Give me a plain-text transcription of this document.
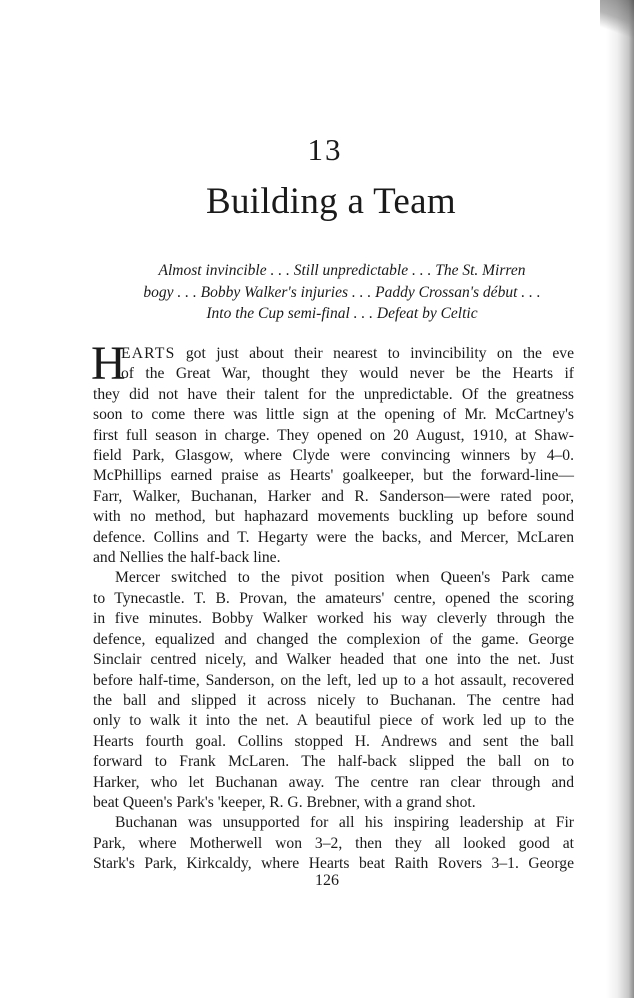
13
Building a Team
Almost invincible . . . Still unpredictable . . . The St. Mirren
bogy . . . Bobby Walker's injuries . . . Paddy Crossan's début . . .
Into the Cup semi-final . . . Defeat by Celtic
H
EARTS got just about their nearest to invincibility on the eve
of the Great War, thought they would never be the Hearts if
they did not have their talent for the unpredictable. Of the greatness
soon to come there was little sign at the opening of Mr. McCartney's
first full season in charge. They opened on 20 August, 1910, at Shaw-
field Park, Glasgow, where Clyde were convincing winners by 4–0.
McPhillips earned praise as Hearts' goalkeeper, but the forward-line—
Farr, Walker, Buchanan, Harker and R. Sanderson—were rated poor,
with no method, but haphazard movements buckling up before sound
defence. Collins and T. Hegarty were the backs, and Mercer, McLaren
and Nellies the half-back line.
Mercer switched to the pivot position when Queen's Park came
to Tynecastle. T. B. Provan, the amateurs' centre, opened the scoring
in five minutes. Bobby Walker worked his way cleverly through the
defence, equalized and changed the complexion of the game. George
Sinclair centred nicely, and Walker headed that one into the net. Just
before half-time, Sanderson, on the left, led up to a hot assault, recovered
the ball and slipped it across nicely to Buchanan. The centre had
only to walk it into the net. A beautiful piece of work led up to the
Hearts fourth goal. Collins stopped H. Andrews and sent the ball
forward to Frank McLaren. The half-back slipped the ball on to
Harker, who let Buchanan away. The centre ran clear through and
beat Queen's Park's 'keeper, R. G. Brebner, with a grand shot.
Buchanan was unsupported for all his inspiring leadership at Fir
Park, where Motherwell won 3–2, then they all looked good at
Stark's Park, Kirkcaldy, where Hearts beat Raith Rovers 3–1. George
126
